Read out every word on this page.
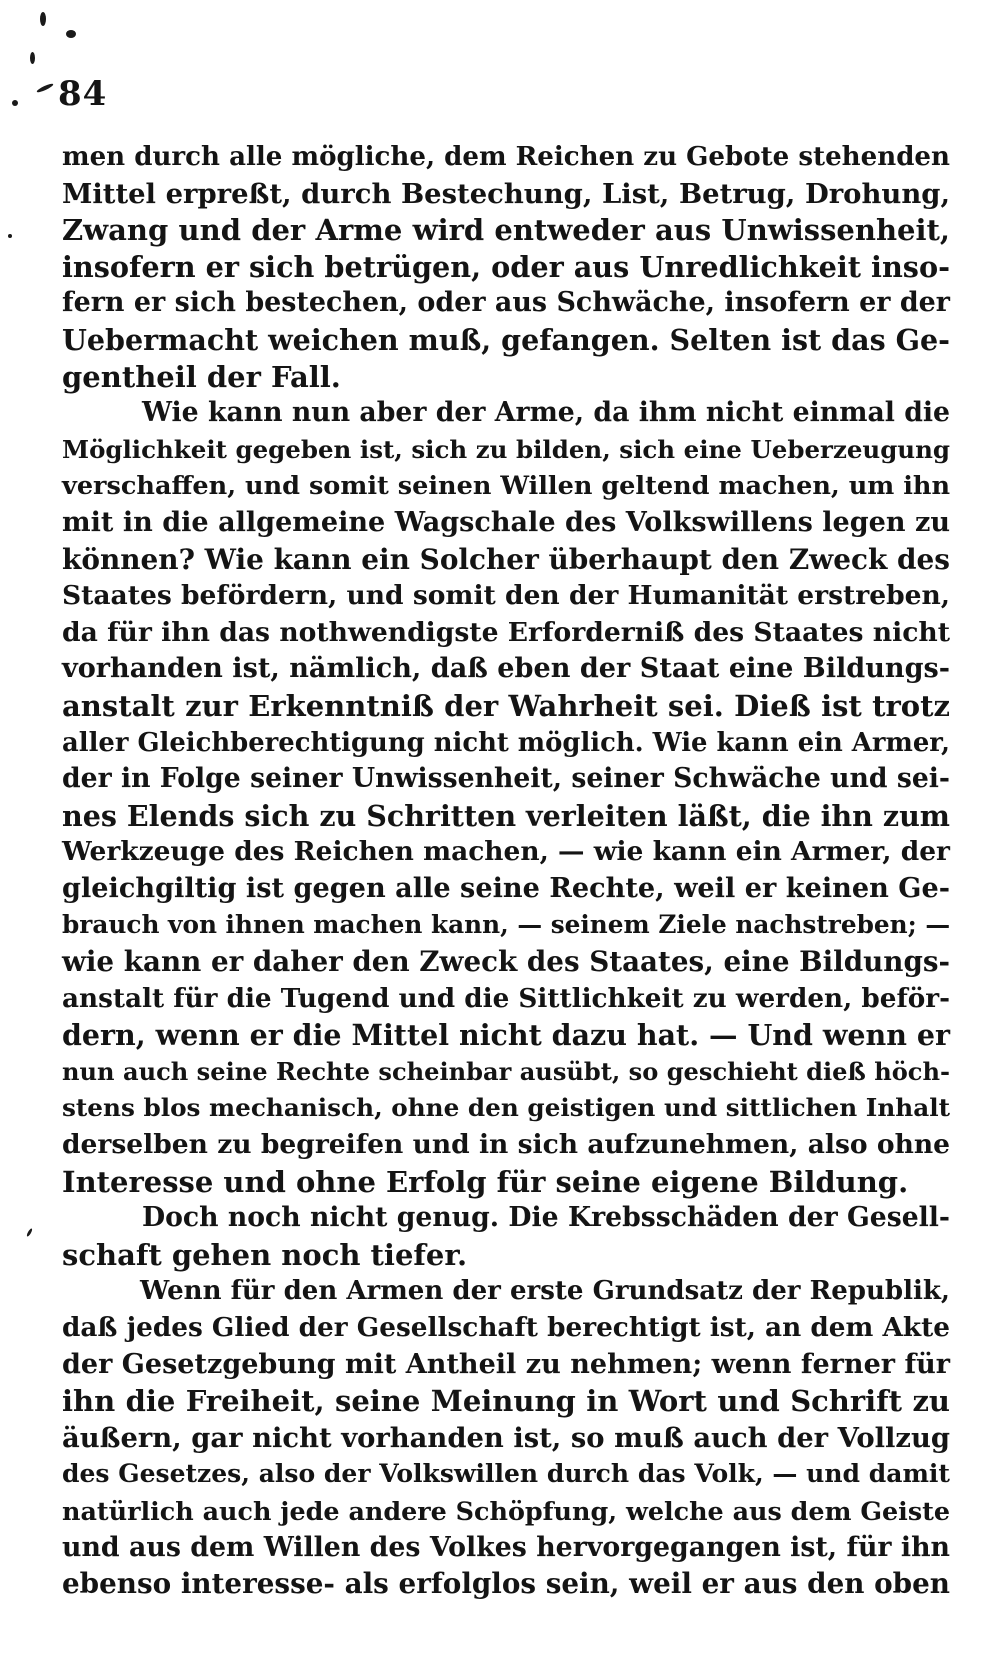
84
men durch alle mögliche, dem Reichen zu Gebote stehenden
Mittel erpreßt, durch Bestechung, List, Betrug, Drohung,
Zwang und der Arme wird entweder aus Unwissenheit,
insofern er sich betrügen, oder aus Unredlichkeit inso-
fern er sich bestechen, oder aus Schwäche, insofern er der
Uebermacht weichen muß, gefangen. Selten ist das Ge-
gentheil der Fall.
Wie kann nun aber der Arme, da ihm nicht einmal die
Möglichkeit gegeben ist, sich zu bilden, sich eine Ueberzeugung
verschaffen, und somit seinen Willen geltend machen, um ihn
mit in die allgemeine Wagschale des Volkswillens legen zu
können? Wie kann ein Solcher überhaupt den Zweck des
Staates befördern, und somit den der Humanität erstreben,
da für ihn das nothwendigste Erforderniß des Staates nicht
vorhanden ist, nämlich, daß eben der Staat eine Bildungs-
anstalt zur Erkenntniß der Wahrheit sei. Dieß ist trotz
aller Gleichberechtigung nicht möglich. Wie kann ein Armer,
der in Folge seiner Unwissenheit, seiner Schwäche und sei-
nes Elends sich zu Schritten verleiten läßt, die ihn zum
Werkzeuge des Reichen machen, — wie kann ein Armer, der
gleichgiltig ist gegen alle seine Rechte, weil er keinen Ge-
brauch von ihnen machen kann, — seinem Ziele nachstreben; —
wie kann er daher den Zweck des Staates, eine Bildungs-
anstalt für die Tugend und die Sittlichkeit zu werden, beför-
dern, wenn er die Mittel nicht dazu hat. — Und wenn er
nun auch seine Rechte scheinbar ausübt, so geschieht dieß höch-
stens blos mechanisch, ohne den geistigen und sittlichen Inhalt
derselben zu begreifen und in sich aufzunehmen, also ohne
Interesse und ohne Erfolg für seine eigene Bildung.
Doch noch nicht genug. Die Krebsschäden der Gesell-
schaft gehen noch tiefer.
Wenn für den Armen der erste Grundsatz der Republik,
daß jedes Glied der Gesellschaft berechtigt ist, an dem Akte
der Gesetzgebung mit Antheil zu nehmen; wenn ferner für
ihn die Freiheit, seine Meinung in Wort und Schrift zu
äußern, gar nicht vorhanden ist, so muß auch der Vollzug
des Gesetzes, also der Volkswillen durch das Volk, — und damit
natürlich auch jede andere Schöpfung, welche aus dem Geiste
und aus dem Willen des Volkes hervorgegangen ist, für ihn
ebenso interesse- als erfolglos sein, weil er aus den oben
